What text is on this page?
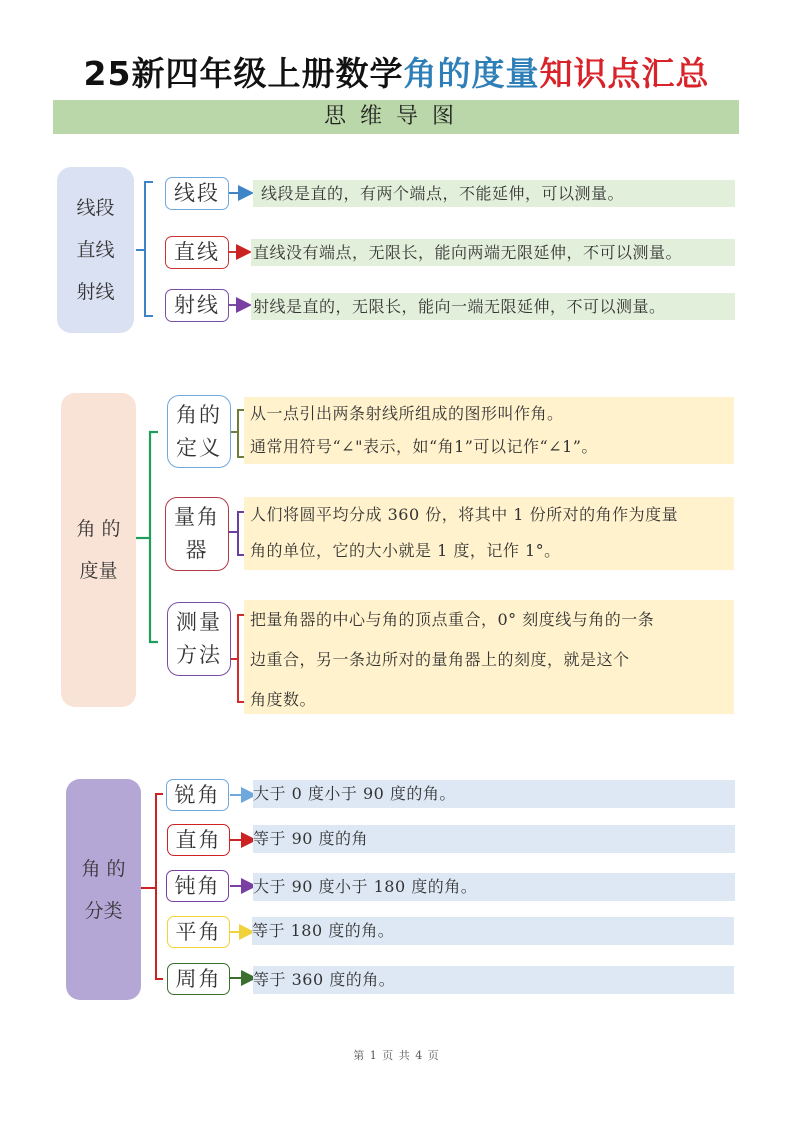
25新四年级上册数学角的度量知识点汇总
思维导图
线段
直线
射线
线段	线段是直的，有两个端点，不能延伸，可以测量。
直线 直线没有端点，无限长，能向两端无限延伸，不可以测量。
射线 射线是直的，无限长，能向一端无限延伸，不可以测量。
角 的
度量
角的
定义
从一点引出两条射线所组成的图形叫作角。
通常用符号“∠"表示，如“角1”可以记作“∠1”。
量角
器
人们将圆平均分成 360 份，将其中 1 份所对的角作为度量
角的单位，它的大小就是 1 度，记作 1°。
测量
方法
把量角器的中心与角的顶点重合，0° 刻度线与角的一条
边重合，另一条边所对的量角器上的刻度，就是这个
角度数。
角 的
分类
锐角 大于 0 度小于 90 度的角。
直角 等于 90 度的角
钝角 大于 90 度小于 180 度的角。
平角 等于 180 度的角。
周角 等于 360 度的角。
第 1 页 共 4 页
